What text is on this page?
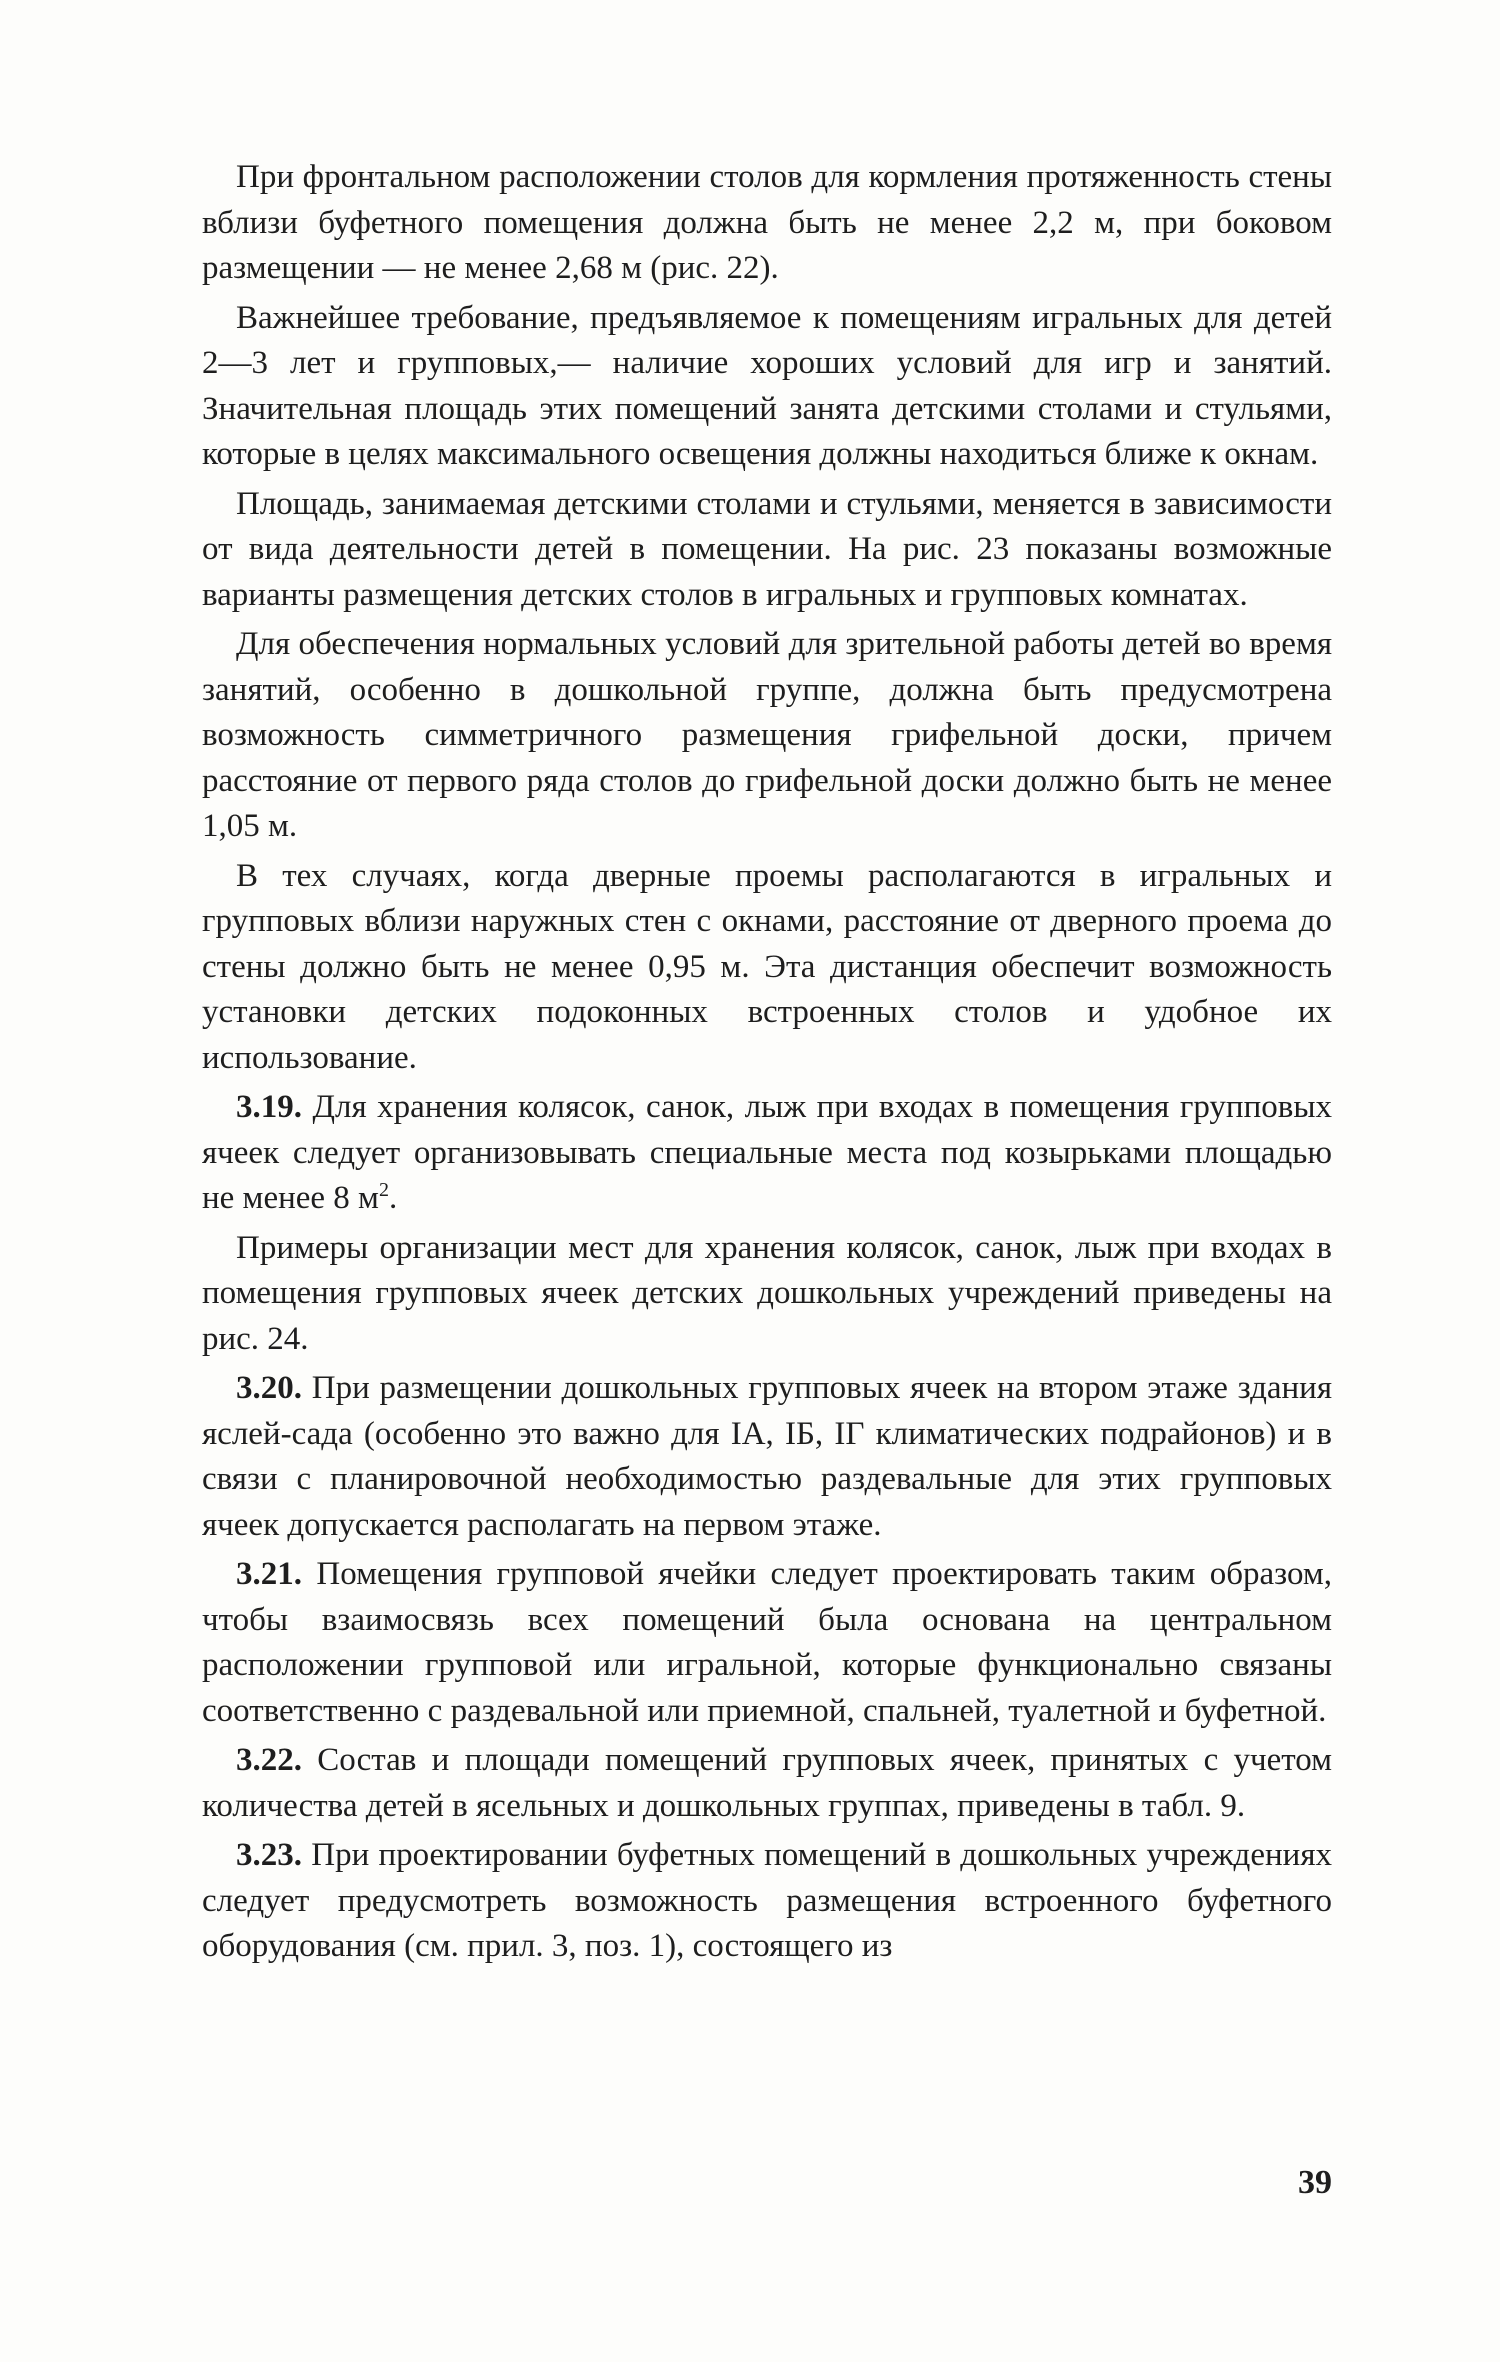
При фронтальном расположении столов для кормления протяженность стены вблизи буфетного помещения должна быть не менее 2,2 м, при боковом размещении — не менее 2,68 м (рис. 22).

Важнейшее требование, предъявляемое к помещениям игральных для детей 2—3 лет и групповых,— наличие хороших условий для игр и занятий. Значительная площадь этих помещений занята детскими столами и стульями, которые в целях максимального освещения должны находиться ближе к окнам.

Площадь, занимаемая детскими столами и стульями, меняется в зависимости от вида деятельности детей в помещении. На рис. 23 показаны возможные варианты размещения детских столов в игральных и групповых комнатах.

Для обеспечения нормальных условий для зрительной работы детей во время занятий, особенно в дошкольной группе, должна быть предусмотрена возможность симметричного размещения грифельной доски, причем расстояние от первого ряда столов до грифельной доски должно быть не менее 1,05 м.

В тех случаях, когда дверные проемы располагаются в игральных и групповых вблизи наружных стен с окнами, расстояние от дверного проема до стены должно быть не менее 0,95 м. Эта дистанция обеспечит возможность установки детских подоконных встроенных столов и удобное их использование.

3.19. Для хранения колясок, санок, лыж при входах в помещения групповых ячеек следует организовывать специальные места под козырьками площадью не менее 8 $м^2$.

Примеры организации мест для хранения колясок, санок, лыж при входах в помещения групповых ячеек детских дошкольных учреждений приведены на рис. 24.

3.20. При размещении дошкольных групповых ячеек на втором этаже здания яслей-сада (особенно это важно для IА, IБ, IГ климатических подрайонов) и в связи с планировочной необходимостью раздевальные для этих групповых ячеек допускается располагать на первом этаже.

3.21. Помещения групповой ячейки следует проектировать таким образом, чтобы взаимосвязь всех помещений была основана на центральном расположении групповой или игральной, которые функционально связаны соответственно с раздевальной или приемной, спальней, туалетной и буфетной.

3.22. Состав и площади помещений групповых ячеек, принятых с учетом количества детей в ясельных и дошкольных группах, приведены в табл. 9.

3.23. При проектировании буфетных помещений в дошкольных учреждениях следует предусмотреть возможность размещения встроенного буфетного оборудования (см. прил. 3, поз. 1), состоящего из

39
